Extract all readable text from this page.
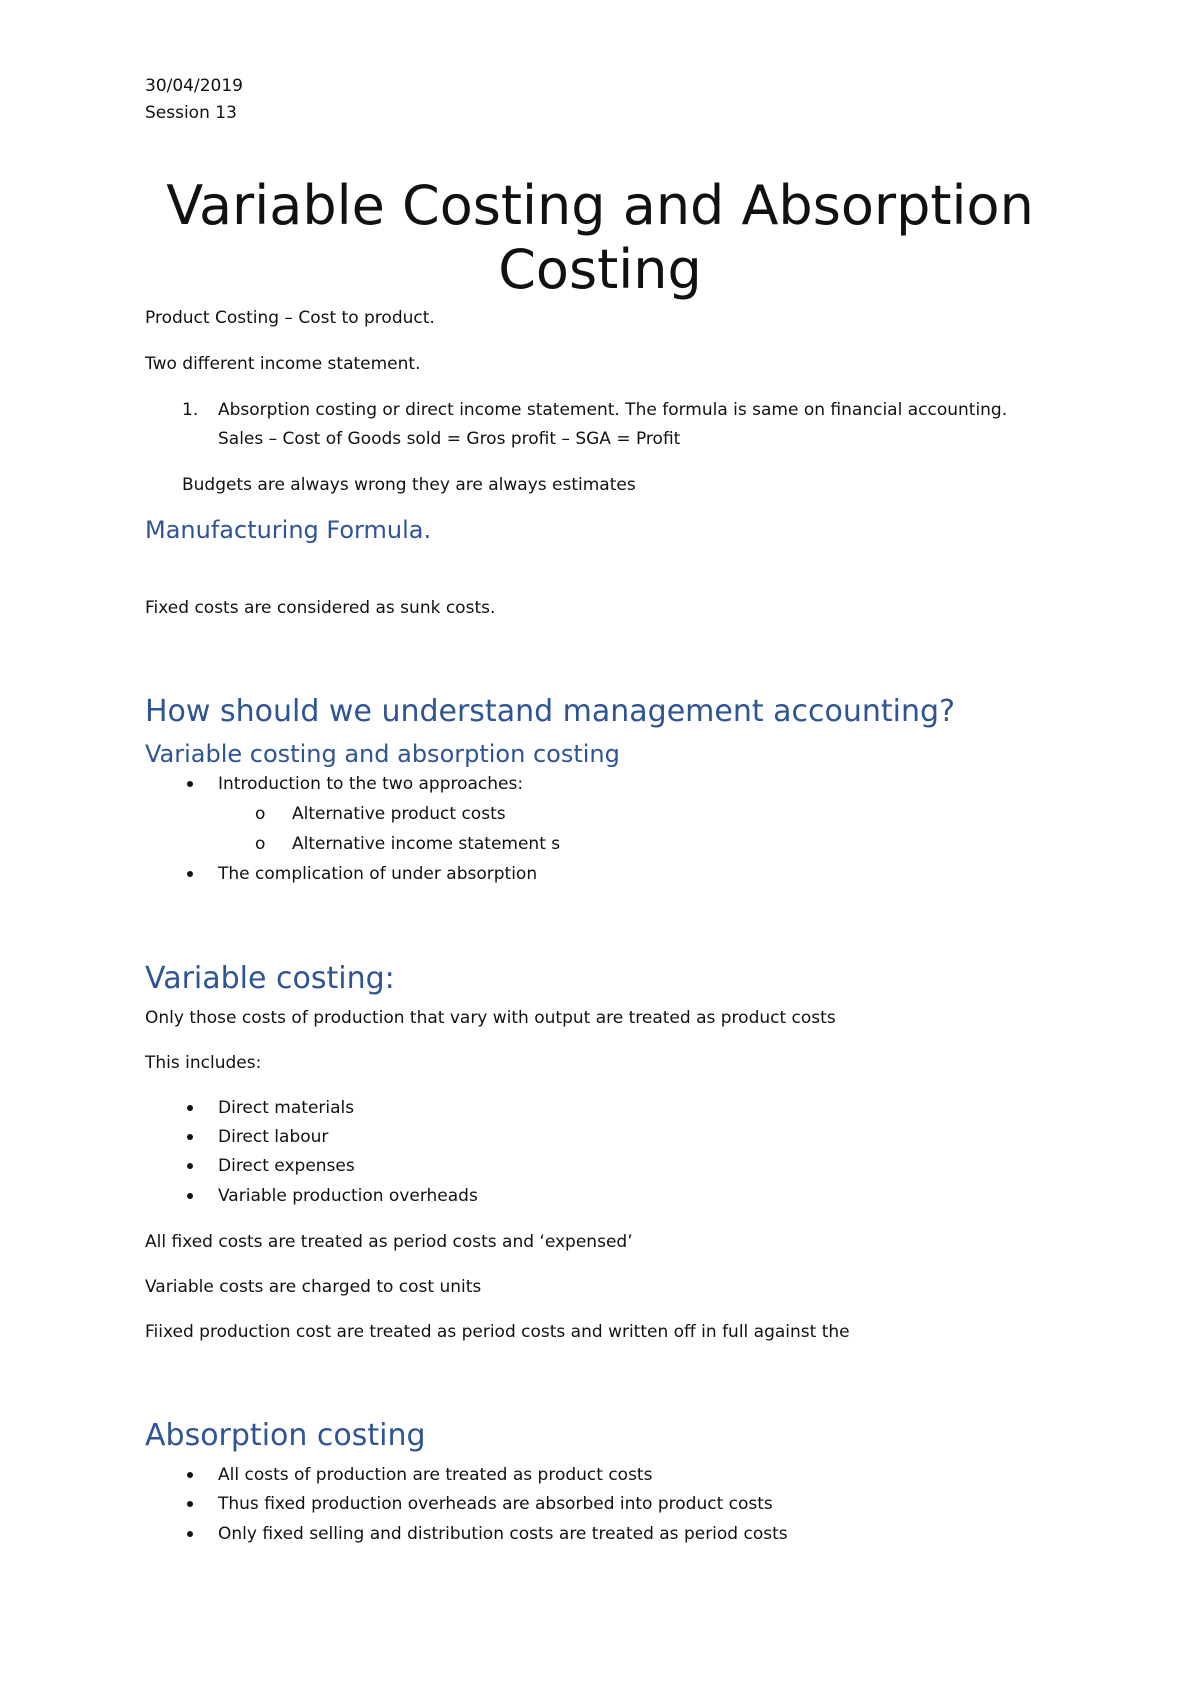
30/04/2019
Session 13
Variable Costing and Absorption
Costing
Product Costing – Cost to product.
Two different income statement.
1. Absorption costing or direct income statement. The formula is same on financial accounting.
Sales – Cost of Goods sold = Gros profit – SGA = Profit
Budgets are always wrong they are always estimates
Manufacturing Formula.
Fixed costs are considered as sunk costs.
How should we understand management accounting?
Variable costing and absorption costing
Introduction to the two approaches:
o Alternative product costs
o Alternative income statement s
The complication of under absorption
Variable costing:
Only those costs of production that vary with output are treated as product costs
This includes:
Direct materials
Direct labour
Direct expenses
Variable production overheads
All fixed costs are treated as period costs and ‘expensed’
Variable costs are charged to cost units
Fiixed production cost are treated as period costs and written off in full against the
Absorption costing
All costs of production are treated as product costs
Thus fixed production overheads are absorbed into product costs
Only fixed selling and distribution costs are treated as period costs
